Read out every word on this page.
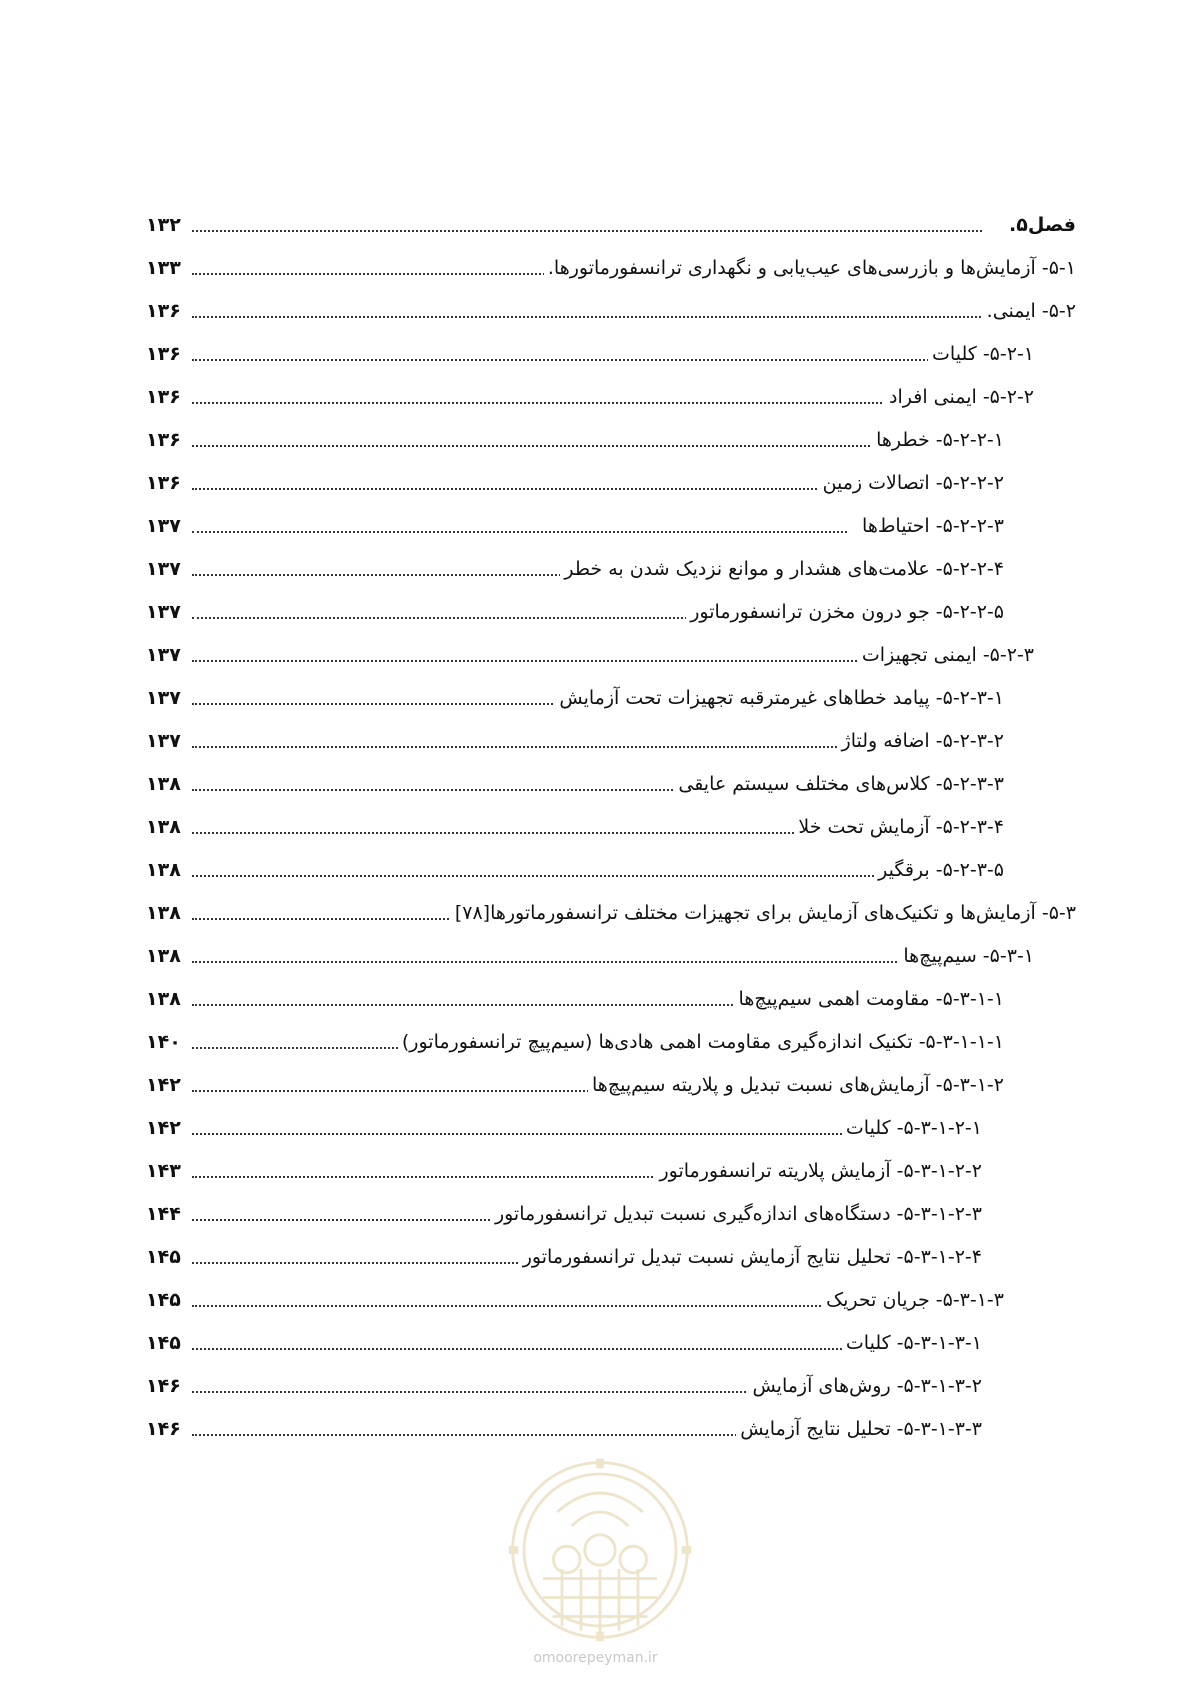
۱۳۲	فصل۵.
۱۳۳	۵-۱- آزمایش‌ها و بازرسی‌های عیب‌یابی و نگهداری ترانسفورماتورها.
۱۳۶	۵-۲- ایمنی.
۱۳۶	۵-۲-۱- کلیات
۱۳۶	۵-۲-۲- ایمنی افراد
۱۳۶	۵-۲-۲-۱- خطرها
۱۳۶	۵-۲-۲-۲- اتصالات زمین
۱۳۷	۵-۲-۲-۳- احتیاط‌ها
۱۳۷	۵-۲-۲-۴- علامت‌های هشدار و موانع نزدیک شدن به خطر
۱۳۷	۵-۲-۲-۵- جو درون مخزن ترانسفورماتور
۱۳۷	۵-۲-۳- ایمنی تجهیزات
۱۳۷	۵-۲-۳-۱- پیامد خطاهای غیرمترقبه تجهیزات تحت آزمایش
۱۳۷	۵-۲-۳-۲- اضافه ولتاژ
۱۳۸	۵-۲-۳-۳- کلاس‌های مختلف سیستم عایقی
۱۳۸	۵-۲-۳-۴- آزمایش تحت خلا
۱۳۸	۵-۲-۳-۵- برقگیر
۱۳۸	۵-۳- آزمایش‌ها و تکنیک‌های آزمایش برای تجهیزات مختلف ترانسفورماتورها[۷۸]
۱۳۸	۵-۳-۱- سیم‌پیچ‌ها
۱۳۸	۵-۳-۱-۱- مقاومت اهمی سیم‌پیچ‌ها
۱۴۰	۵-۳-۱-۱-۱- تکنیک اندازه‌گیری مقاومت اهمی هادی‌ها (سیم‌پیچ ترانسفورماتور)
۱۴۲	۵-۳-۱-۲- آزمایش‌های نسبت تبدیل و پلاریته سیم‌پیچ‌ها
۱۴۲	۵-۳-۱-۲-۱- کلیات
۱۴۳	۵-۳-۱-۲-۲- آزمایش پلاریته ترانسفورماتور
۱۴۴	۵-۳-۱-۲-۳- دستگاه‌های اندازه‌گیری نسبت تبدیل ترانسفورماتور
۱۴۵	۵-۳-۱-۲-۴- تحلیل نتایج آزمایش نسبت تبدیل ترانسفورماتور
۱۴۵	۵-۳-۱-۳- جریان تحریک
۱۴۵	۵-۳-۱-۳-۱- کلیات
۱۴۶	۵-۳-۱-۳-۲- روش‌های آزمایش
۱۴۶	۵-۳-۱-۳-۳- تحلیل نتایج آزمایش
omoorepeyman.ir
